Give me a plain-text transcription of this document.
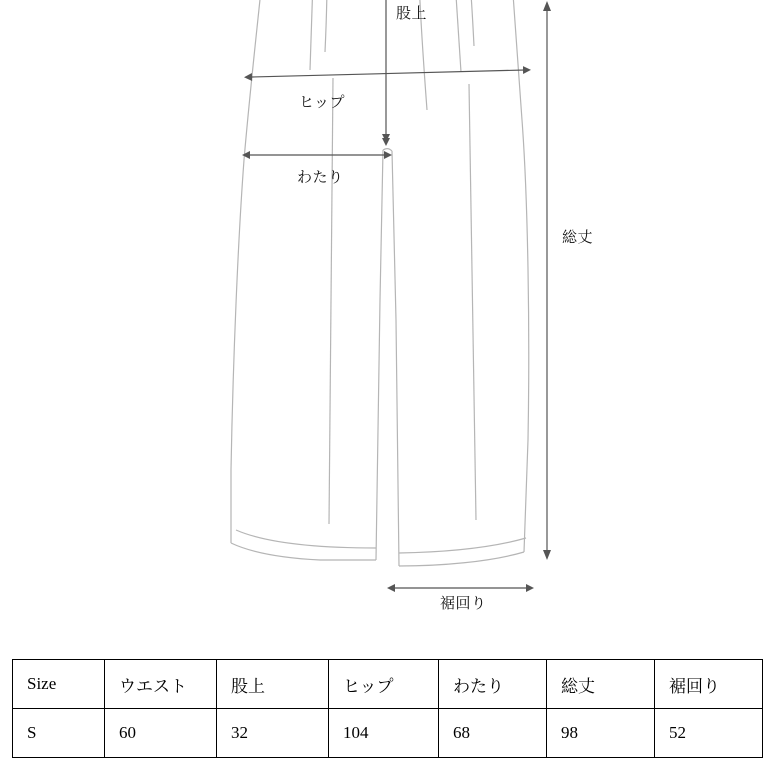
股上
ヒップ
わたり
総丈
裾回り
Size	ウエスト	股上	ヒップ	わたり	総丈	裾回り
S	60	32	104	68	98	52
